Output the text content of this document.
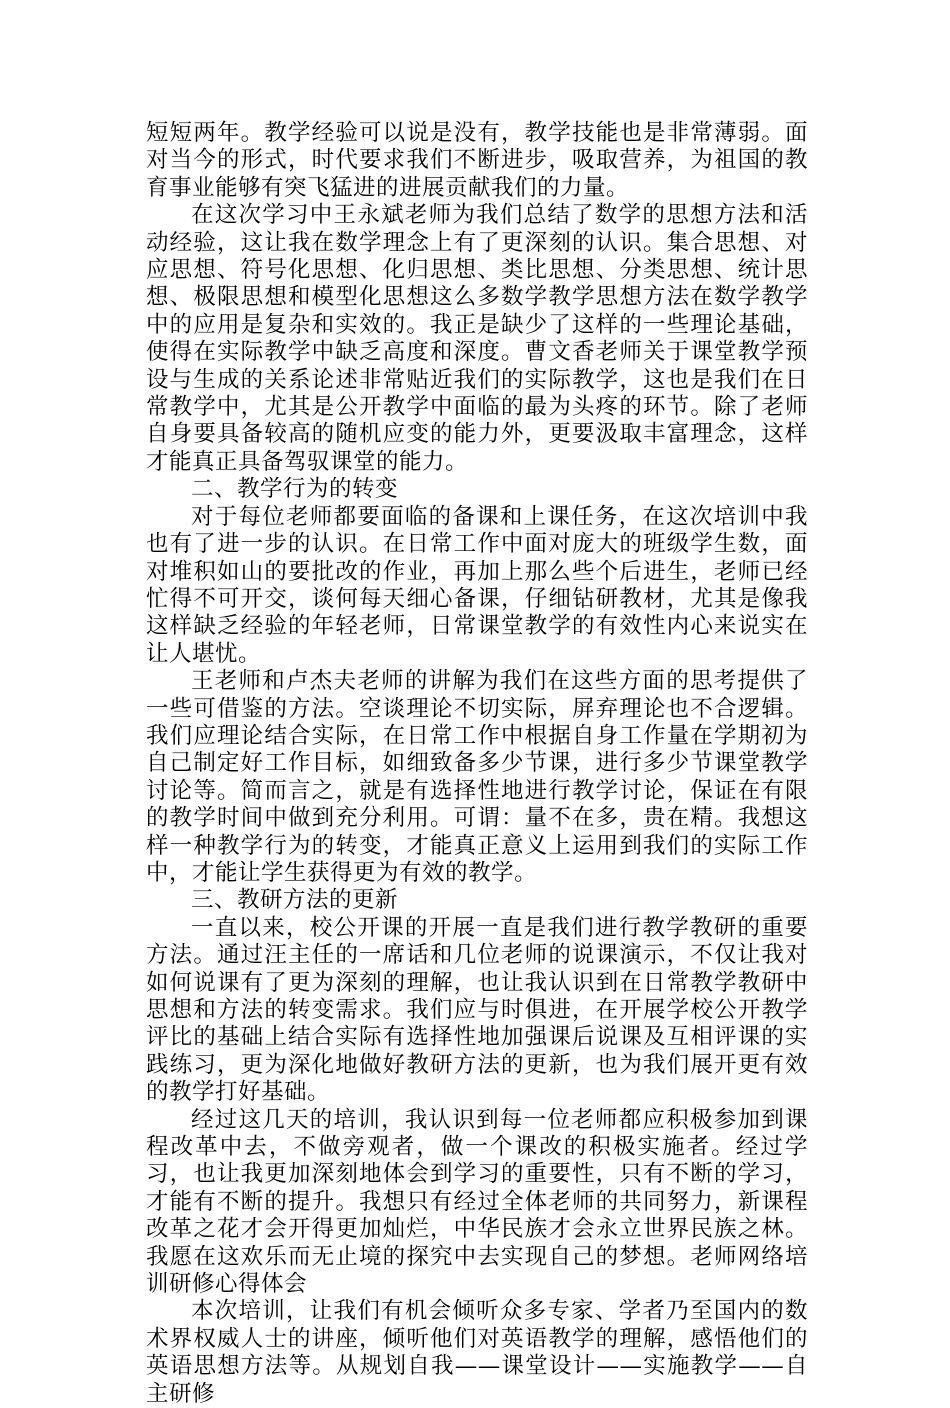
短短两年。教学经验可以说是没有，教学技能也是非常薄弱。面对当今的形式，时代要求我们不断进步，吸取营养，为祖国的教育事业能够有突飞猛进的进展贡献我们的力量。

在这次学习中王永斌老师为我们总结了数学的思想方法和活动经验，这让我在数学理念上有了更深刻的认识。集合思想、对应思想、符号化思想、化归思想、类比思想、分类思想、统计思想、极限思想和模型化思想这么多数学教学思想方法在数学教学中的应用是复杂和实效的。我正是缺少了这样的一些理论基础，使得在实际教学中缺乏高度和深度。曹文香老师关于课堂教学预设与生成的关系论述非常贴近我们的实际教学，这也是我们在日常教学中，尤其是公开教学中面临的最为头疼的环节。除了老师自身要具备较高的随机应变的能力外，更要汲取丰富理念，这样才能真正具备驾驭课堂的能力。

二、教学行为的转变

对于每位老师都要面临的备课和上课任务，在这次培训中我也有了进一步的认识。在日常工作中面对庞大的班级学生数，面对堆积如山的要批改的作业，再加上那么些个后进生，老师已经忙得不可开交，谈何每天细心备课，仔细钻研教材，尤其是像我这样缺乏经验的年轻老师，日常课堂教学的有效性内心来说实在让人堪忧。

王老师和卢杰夫老师的讲解为我们在这些方面的思考提供了一些可借鉴的方法。空谈理论不切实际，屏弃理论也不合逻辑。我们应理论结合实际，在日常工作中根据自身工作量在学期初为自己制定好工作目标，如细致备多少节课，进行多少节课堂教学讨论等。简而言之，就是有选择性地进行教学讨论，保证在有限的教学时间中做到充分利用。可谓：量不在多，贵在精。我想这样一种教学行为的转变，才能真正意义上运用到我们的实际工作中，才能让学生获得更为有效的教学。

三、教研方法的更新

一直以来，校公开课的开展一直是我们进行教学教研的重要方法。通过汪主任的一席话和几位老师的说课演示，不仅让我对如何说课有了更为深刻的理解，也让我认识到在日常教学教研中思想和方法的转变需求。我们应与时俱进，在开展学校公开教学评比的基础上结合实际有选择性地加强课后说课及互相评课的实践练习，更为深化地做好教研方法的更新，也为我们展开更有效的教学打好基础。

经过这几天的培训，我认识到每一位老师都应积极参加到课程改革中去，不做旁观者，做一个课改的积极实施者。经过学习，也让我更加深刻地体会到学习的重要性，只有不断的学习，才能有不断的提升。我想只有经过全体老师的共同努力，新课程改革之花才会开得更加灿烂，中华民族才会永立世界民族之林。我愿在这欢乐而无止境的探究中去实现自己的梦想。老师网络培训研修心得体会

本次培训，让我们有机会倾听众多专家、学者乃至国内的数术界权威人士的讲座，倾听他们对英语教学的理解，感悟他们的英语思想方法等。从规划自我——课堂设计——实施教学——自主研修
